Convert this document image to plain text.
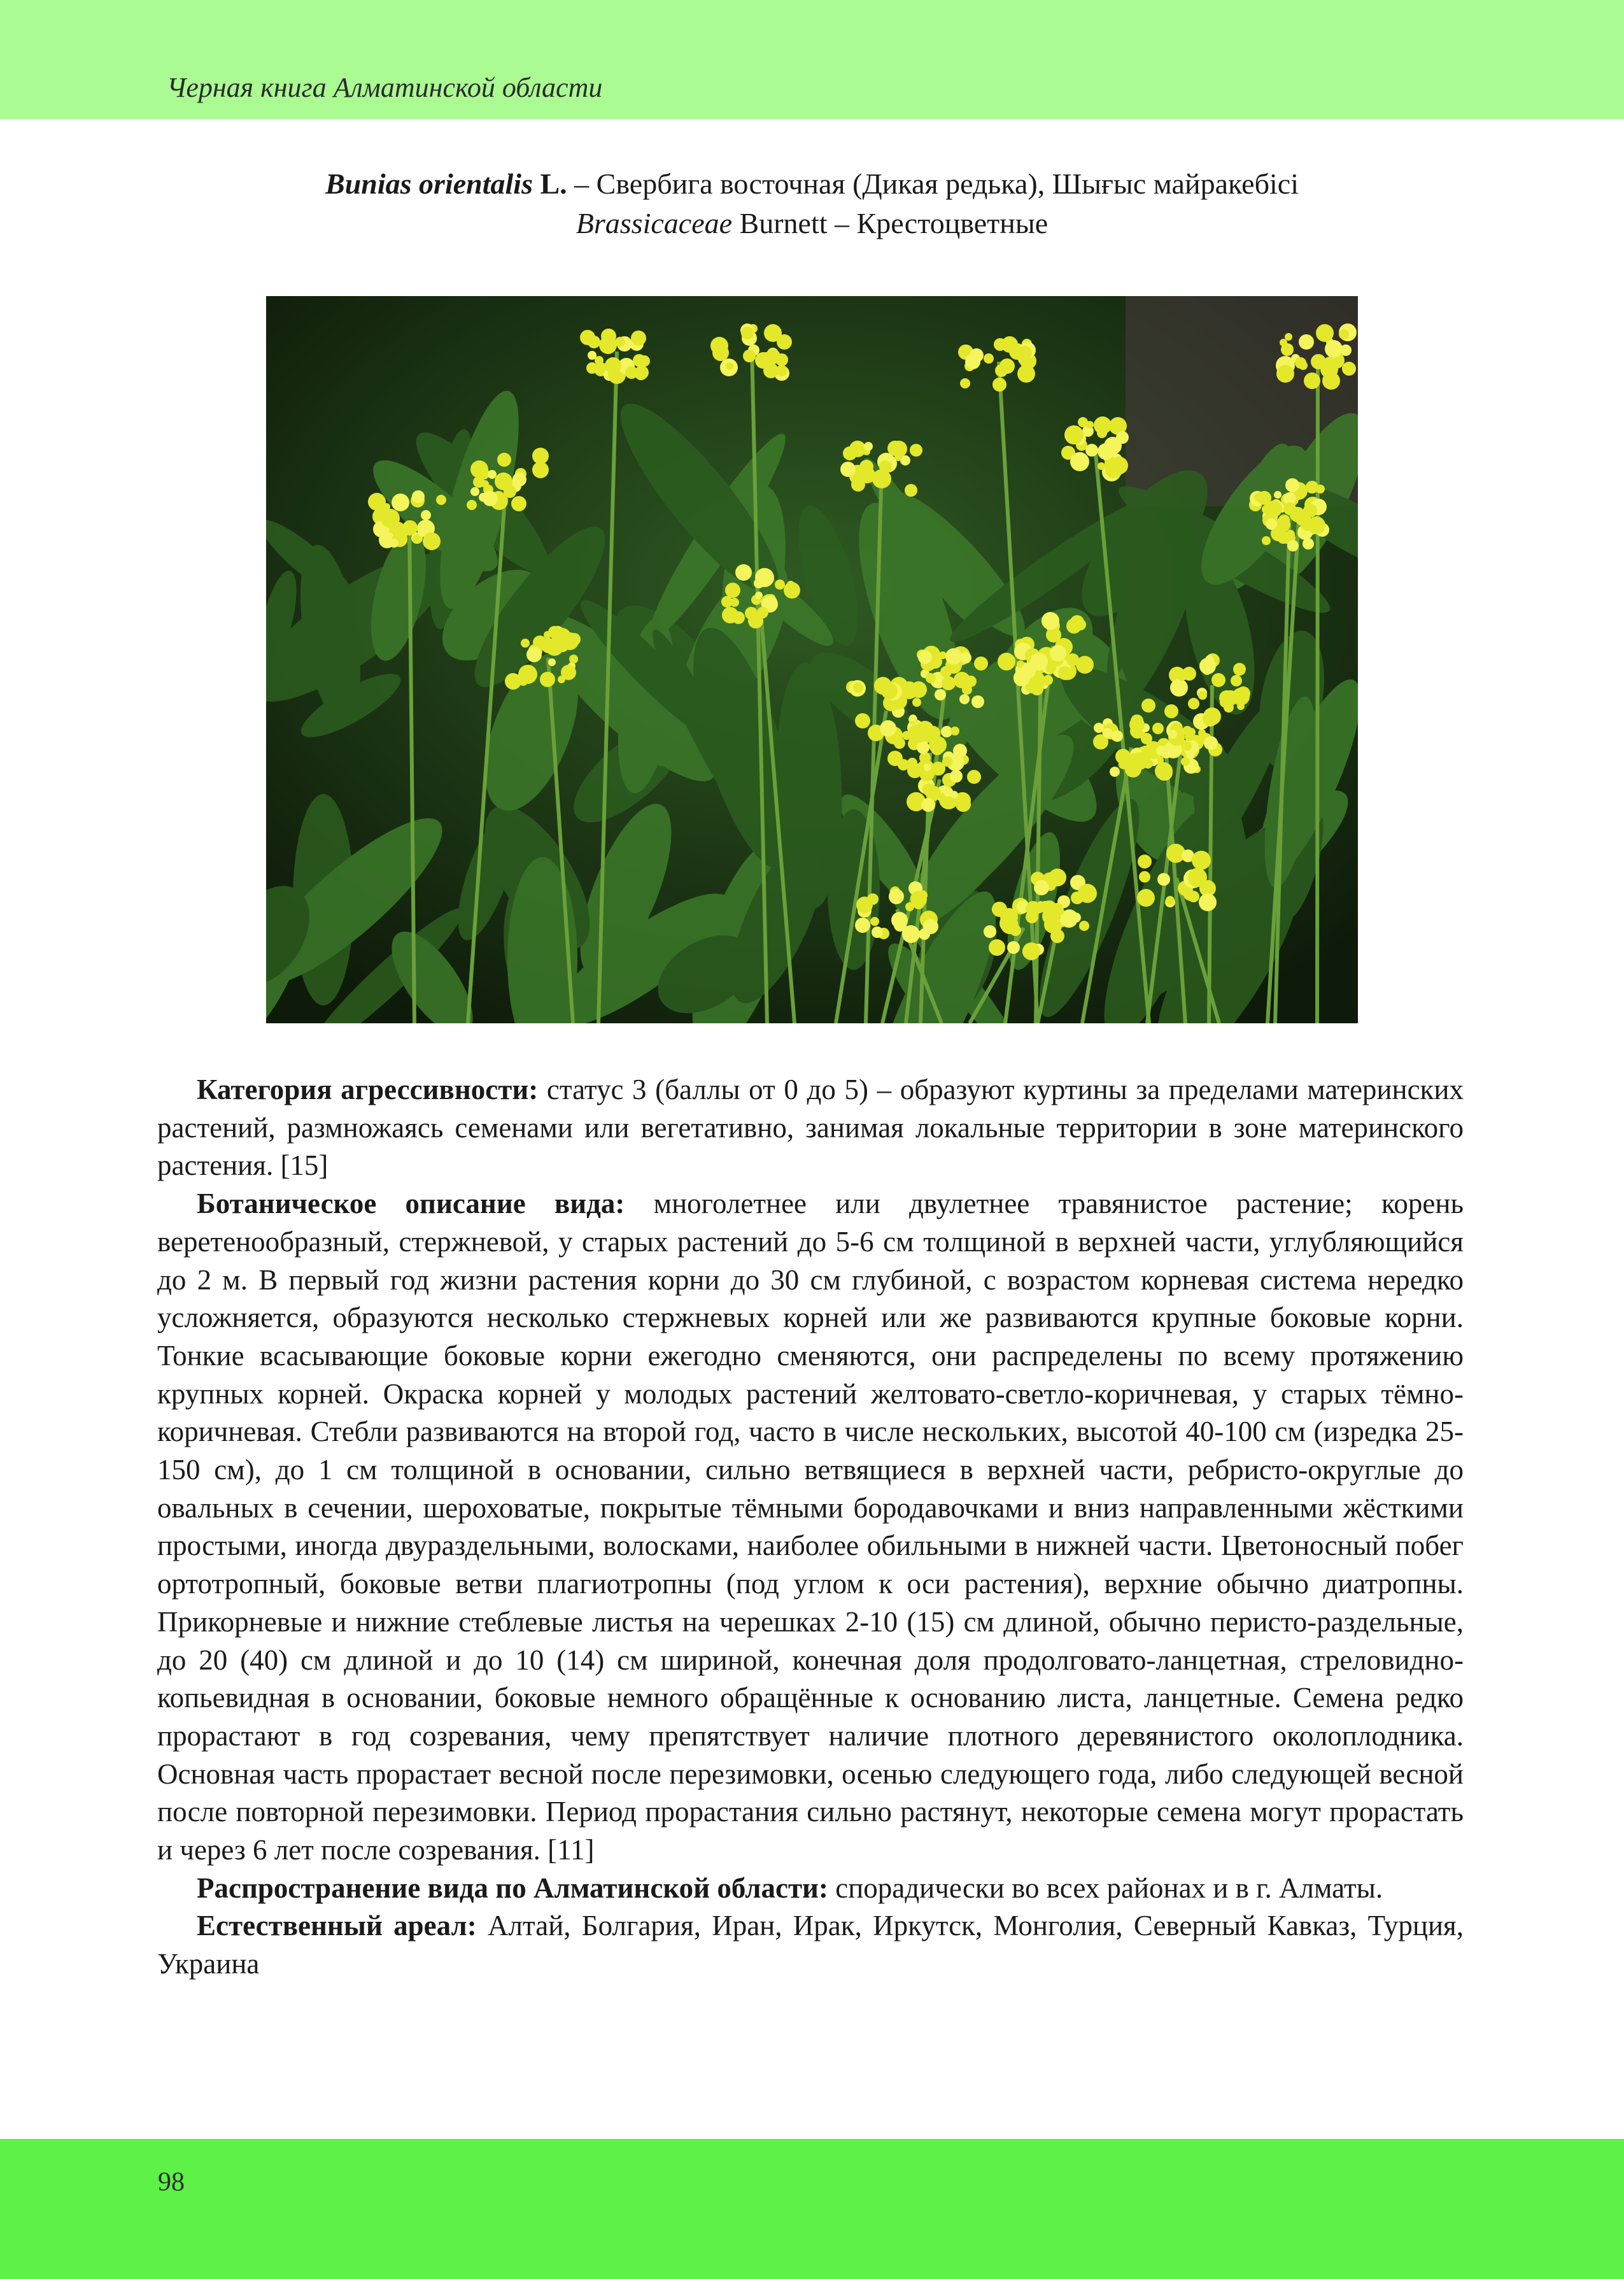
Черная книга Алматинской области
Bunias orientalis L. – Свербига восточная (Дикая редька), Шығыс майракебісі
Brassicaceae Burnett – Крестоцветные

Категория агрессивности: статус 3 (баллы от 0 до 5) – образуют куртины за пределами материнских растений, размножаясь семенами или вегетативно, занимая локальные территории в зоне материнского растения. [15]

Ботаническое описание вида: многолетнее или двулетнее травянистое растение; корень веретенообразный, стержневой, у старых растений до 5-6 см толщиной в верхней части, углубляющийся до 2 м. В первый год жизни растения корни до 30 см глубиной, с возрастом корневая система нередко усложняется, образуются несколько стержневых корней или же развиваются крупные боковые корни. Тонкие всасывающие боковые корни ежегодно сменяются, они распределены по всему протяжению крупных корней. Окраска корней у молодых растений желтовато-светло-коричневая, у старых тёмно-коричневая. Стебли развиваются на второй год, часто в числе нескольких, высотой 40-100 см (изредка 25-150 см), до 1 см толщиной в основании, сильно ветвящиеся в верхней части, ребристо-округлые до овальных в сечении, шероховатые, покрытые тёмными бородавочками и вниз направленными жёсткими простыми, иногда двураздельными, волосками, наиболее обильными в нижней части. Цветоносный побег ортотропный, боковые ветви плагиотропны (под углом к оси растения), верхние обычно диатропны. Прикорневые и нижние стеблевые листья на черешках 2-10 (15) см длиной, обычно перисто-раздельные, до 20 (40) см длиной и до 10 (14) см шириной, конечная доля продолговато-ланцетная, стреловидно-копьевидная в основании, боковые немного обращённые к основанию листа, ланцетные. Семена редко прорастают в год созревания, чему препятствует наличие плотного деревянистого околоплодника. Основная часть прорастает весной после перезимовки, осенью следующего года, либо следующей весной после повторной перезимовки. Период прорастания сильно растянут, некоторые семена могут прорастать и через 6 лет после созревания. [11]

Распространение вида по Алматинской области: спорадически во всех районах и в г. Алматы.

Естественный ареал: Алтай, Болгария, Иран, Ирак, Иркутск, Монголия, Северный Кавказ, Турция, Украина

98
